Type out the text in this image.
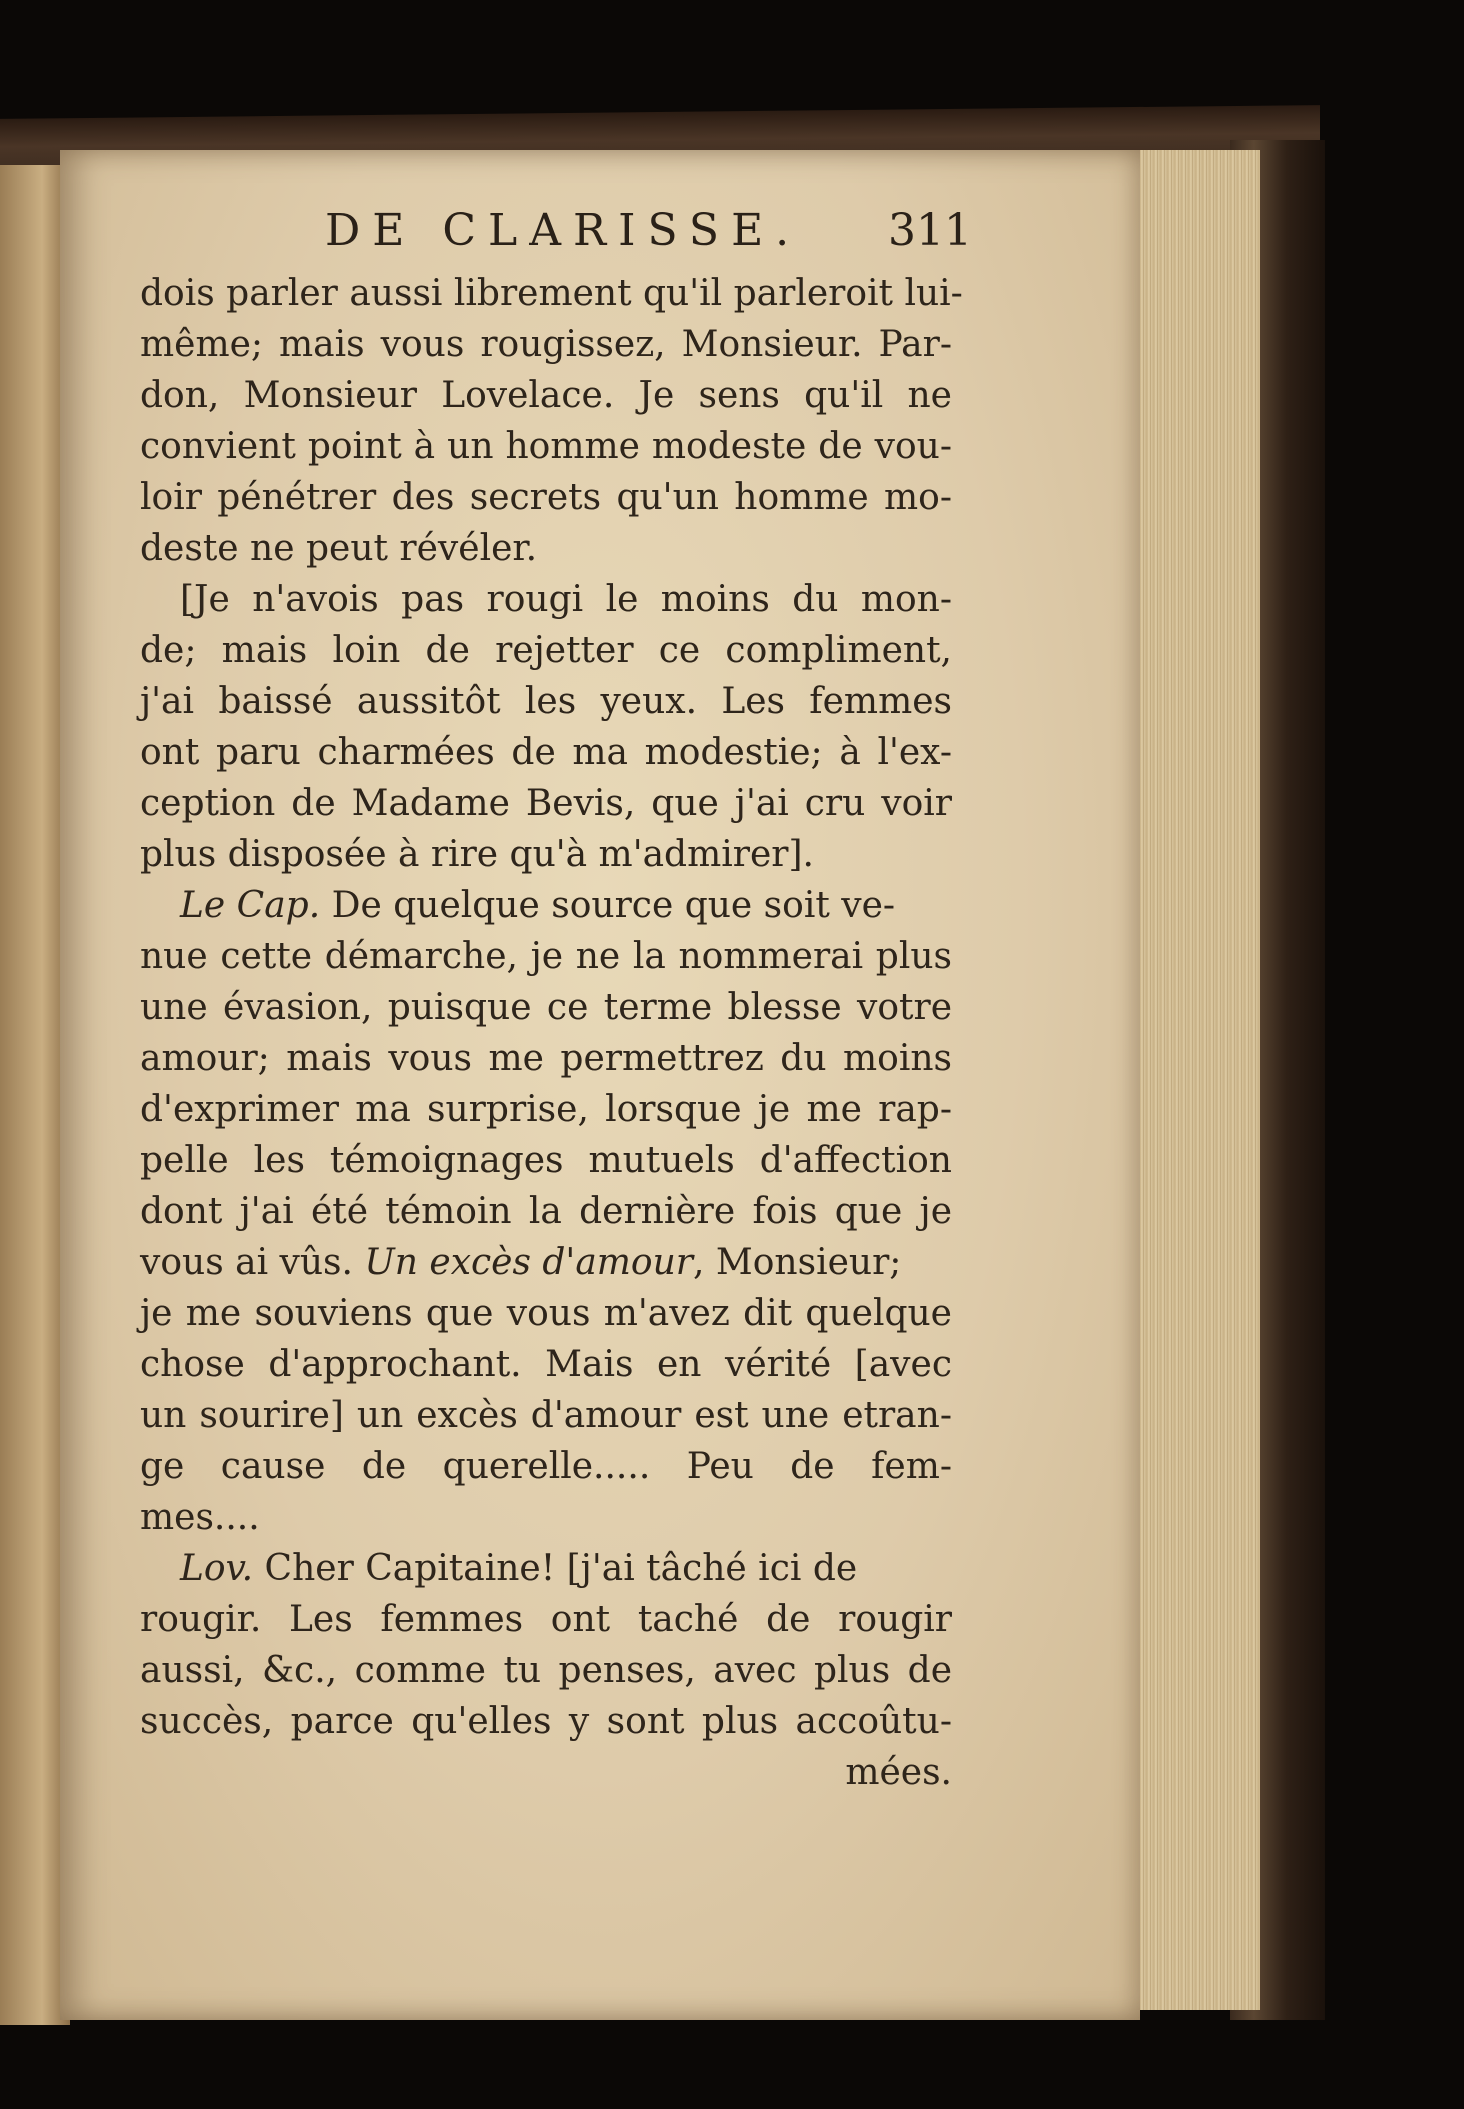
DE CLARISSE. 311
dois parler aussi librement qu'il parleroit lui-
même; mais vous rougissez, Monsieur. Par-
don, Monsieur Lovelace. Je sens qu'il ne
convient point à un homme modeste de vou-
loir pénétrer des secrets qu'un homme mo-
deste ne peut révéler.
[Je n'avois pas rougi le moins du mon-
de; mais loin de rejetter ce compliment,
j'ai baissé aussitôt les yeux. Les femmes
ont paru charmées de ma modestie; à l'ex-
ception de Madame Bevis, que j'ai cru voir
plus disposée à rire qu'à m'admirer].
Le Cap. De quelque source que soit ve-
nue cette démarche, je ne la nommerai plus
une évasion, puisque ce terme blesse votre
amour; mais vous me permettrez du moins
d'exprimer ma surprise, lorsque je me rap-
pelle les témoignages mutuels d'affection
dont j'ai été témoin la dernière fois que je
vous ai vûs. Un excès d'amour, Monsieur;
je me souviens que vous m'avez dit quelque
chose d'approchant. Mais en vérité [avec
un sourire] un excès d'amour est une etran-
ge cause de querelle..... Peu de fem-
mes....
Lov. Cher Capitaine! [j'ai tâché ici de
rougir. Les femmes ont taché de rougir
aussi, &c., comme tu penses, avec plus de
succès, parce qu'elles y sont plus accoûtu-
mées.
